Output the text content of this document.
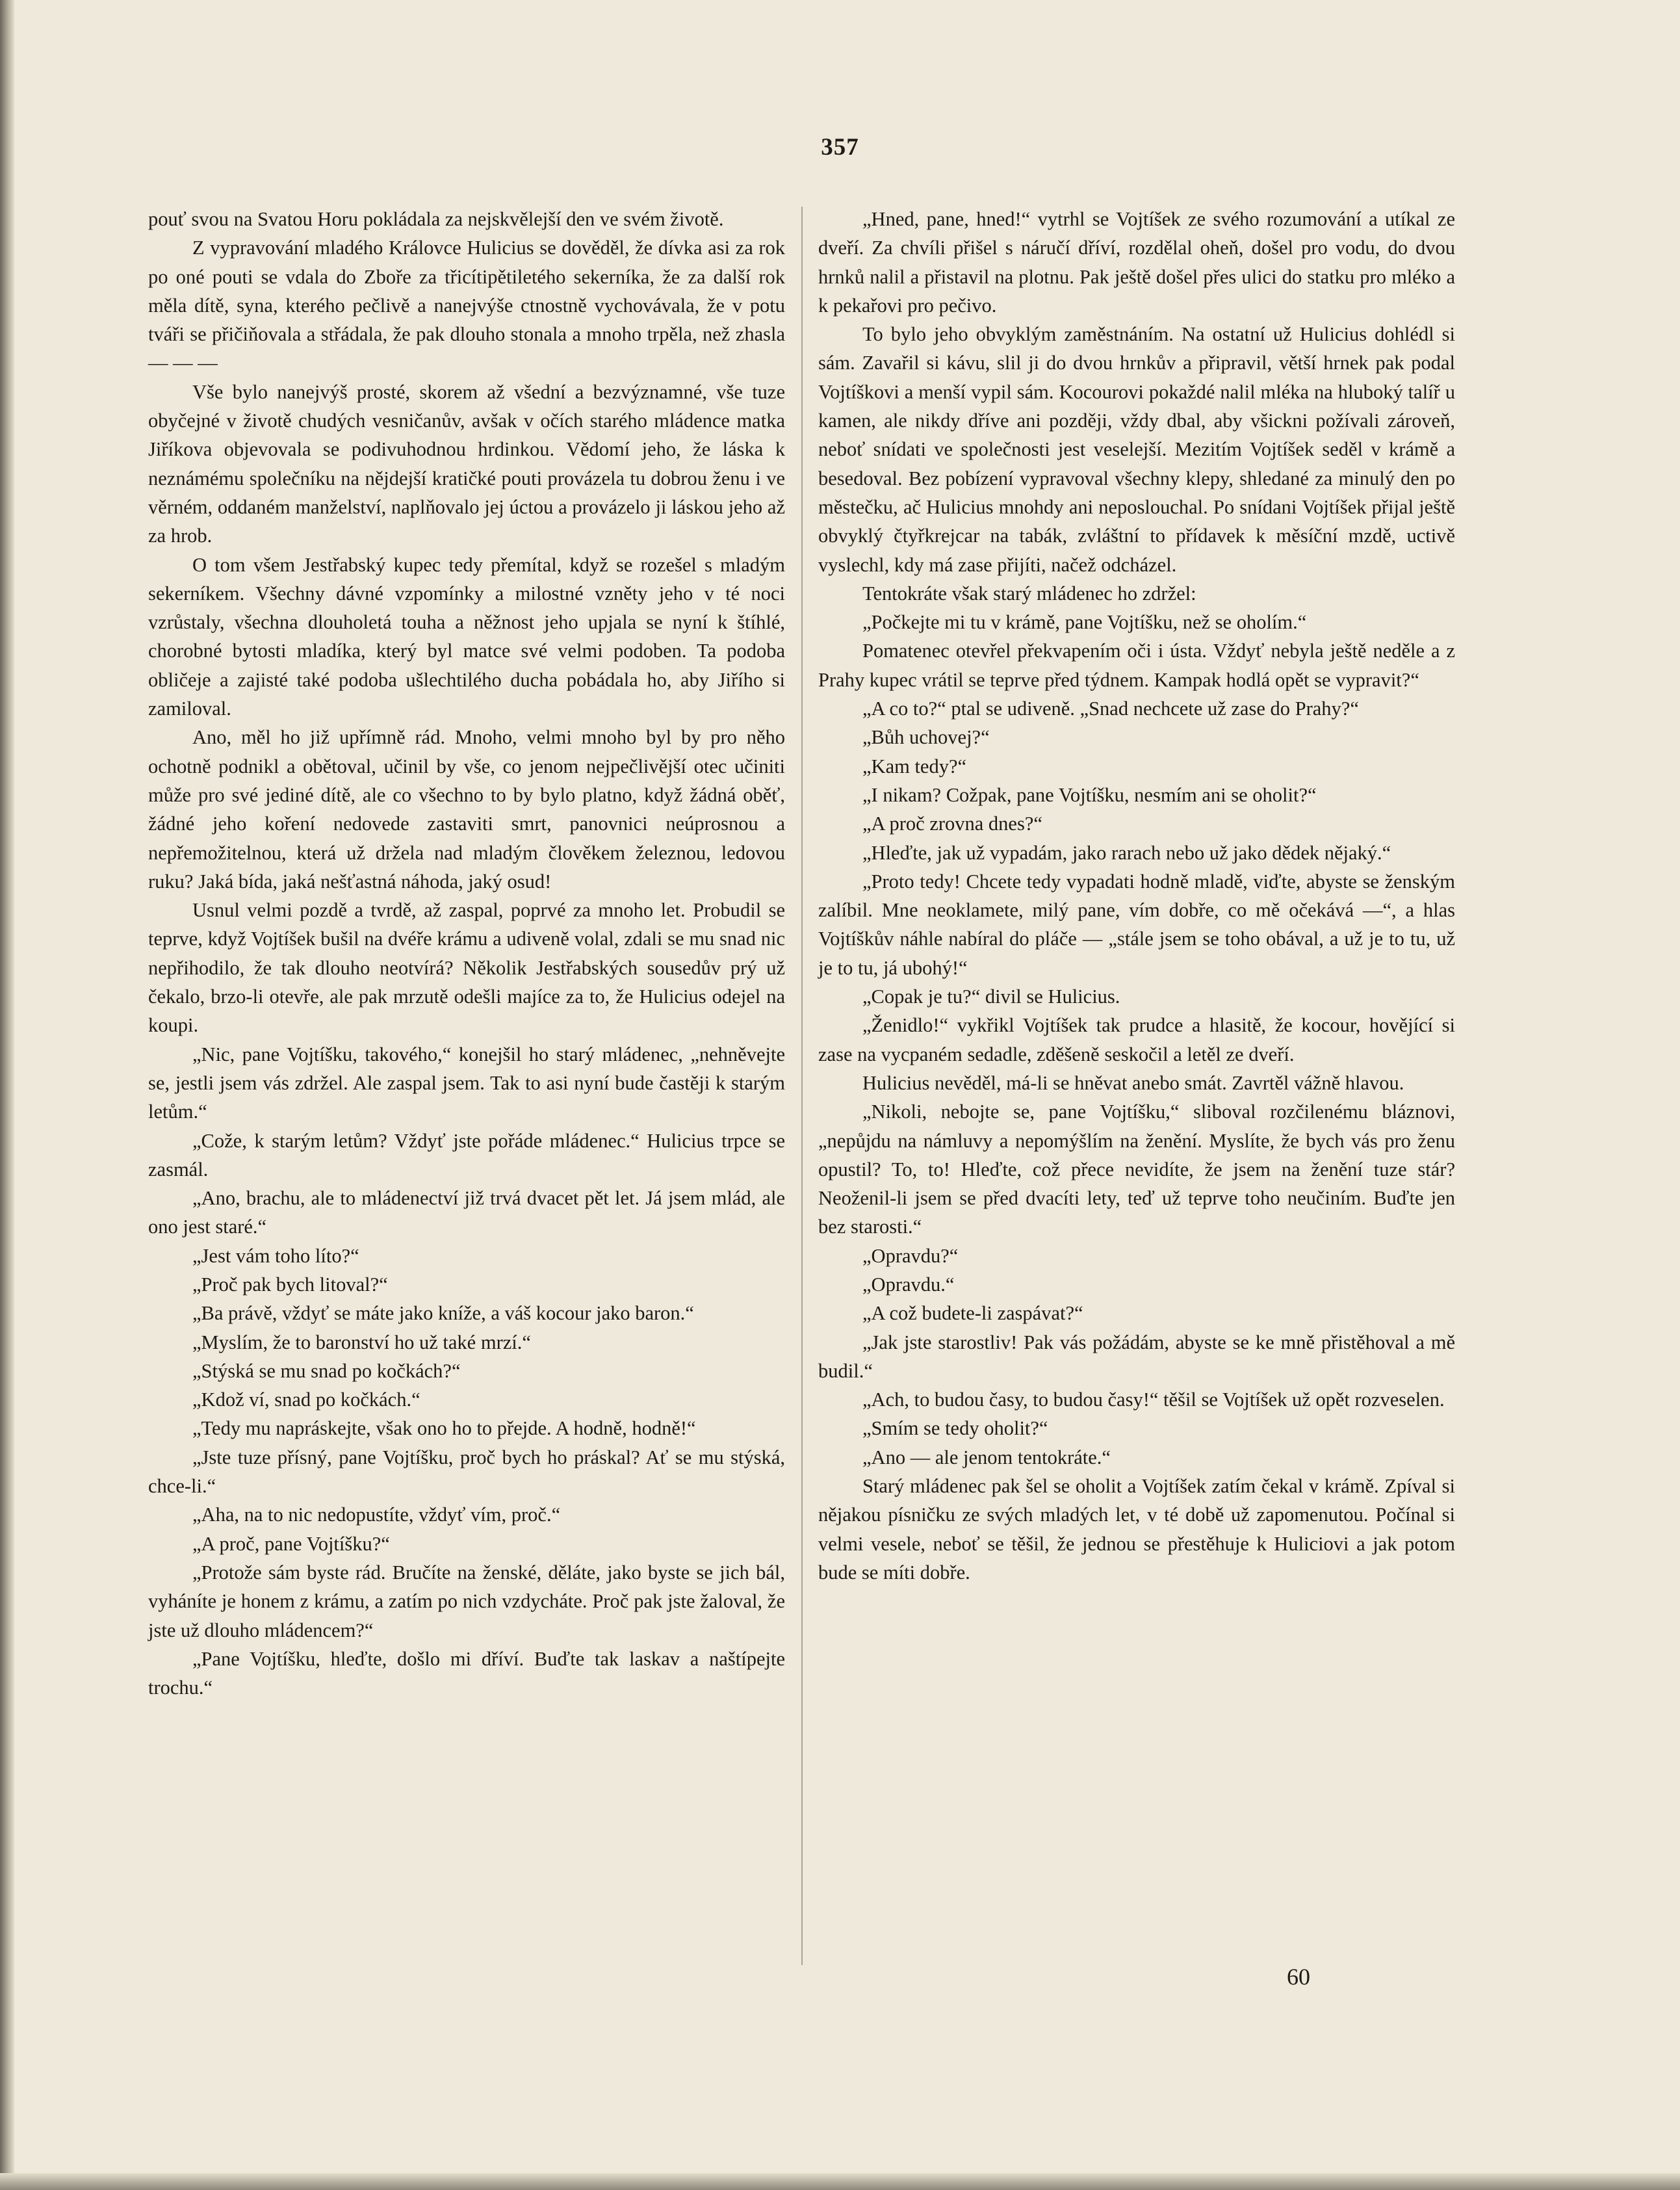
357

pouť svou na Svatou Horu pokládala za nejskvělejší den ve svém životě.

Z vypravování mladého Královce Hulicius se dověděl, že dívka asi za rok po oné pouti se vdala do Zboře za třicítipětiletého sekerníka, že za další rok měla dítě, syna, kterého pečlivě a nanejvýše ctnostně vychovávala, že v potu tváři se přičiňovala a střádala, že pak dlouho stonala a mnoho trpěla, než zhasla — — —

Vše bylo nanejvýš prosté, skorem až všední a bezvýznamné, vše tuze obyčejné v životě chudých vesničanův, avšak v očích starého mládence matka Jiříkova objevovala se podivuhodnou hrdinkou. Vědomí jeho, že láska k neznámému společníku na nějdejší kratičké pouti provázela tu dobrou ženu i ve věrném, oddaném manželství, naplňovalo jej úctou a provázelo ji láskou jeho až za hrob.

O tom všem Jestřabský kupec tedy přemítal, když se rozešel s mladým sekerníkem. Všechny dávné vzpomínky a milostné vzněty jeho v té noci vzrůstaly, všechna dlouholetá touha a něžnost jeho upjala se nyní k štíhlé, chorobné bytosti mladíka, který byl matce své velmi podoben. Ta podoba obličeje a zajisté také podoba ušlechtilého ducha pobádala ho, aby Jiřího si zamiloval.

Ano, měl ho již upřímně rád. Mnoho, velmi mnoho byl by pro něho ochotně podnikl a obětoval, učinil by vše, co jenom nejpečlivější otec učiniti může pro své jediné dítě, ale co všechno to by bylo platno, když žádná oběť, žádné jeho koření nedovede zastaviti smrt, panovnici neúprosnou a nepřemožitelnou, která už držela nad mladým člověkem železnou, ledovou ruku? Jaká bída, jaká nešťastná náhoda, jaký osud!

Usnul velmi pozdě a tvrdě, až zaspal, poprvé za mnoho let. Probudil se teprve, když Vojtíšek bušil na dvéře krámu a udiveně volal, zdali se mu snad nic nepřihodilo, že tak dlouho neotvírá? Několik Jestřabských sousedův prý už čekalo, brzo-li otevře, ale pak mrzutě odešli majíce za to, že Hulicius odejel na koupi.

„Nic, pane Vojtíšku, takového,“ konejšil ho starý mládenec, „nehněvejte se, jestli jsem vás zdržel. Ale zaspal jsem. Tak to asi nyní bude častěji k starým letům.“

„Cože, k starým letům? Vždyť jste pořáde mládenec.“ Hulicius trpce se zasmál.

„Ano, brachu, ale to mládenectví již trvá dvacet pět let. Já jsem mlád, ale ono jest staré.“

„Jest vám toho líto?“

„Proč pak bych litoval?“

„Ba právě, vždyť se máte jako kníže, a váš kocour jako baron.“

„Myslím, že to baronství ho už také mrzí.“

„Stýská se mu snad po kočkách?“

„Kdož ví, snad po kočkách.“

„Tedy mu napráskejte, však ono ho to přejde. A hodně, hodně!“

„Jste tuze přísný, pane Vojtíšku, proč bych ho práskal? Ať se mu stýská, chce-li.“

„Aha, na to nic nedopustíte, vždyť vím, proč.“

„A proč, pane Vojtíšku?“

„Protože sám byste rád. Bručíte na ženské, děláte, jako byste se jich bál, vyháníte je honem z krámu, a zatím po nich vzdycháte. Proč pak jste žaloval, že jste už dlouho mládencem?“

„Pane Vojtíšku, hleďte, došlo mi dříví. Buďte tak laskav a naštípejte trochu.“

„Hned, pane, hned!“ vytrhl se Vojtíšek ze svého rozumování a utíkal ze dveří. Za chvíli přišel s náručí dříví, rozdělal oheň, došel pro vodu, do dvou hrnků nalil a přistavil na plotnu. Pak ještě došel přes ulici do statku pro mléko a k pekařovi pro pečivo.

To bylo jeho obvyklým zaměstnáním. Na ostatní už Hulicius dohlédl si sám. Zavařil si kávu, slil ji do dvou hrnkův a připravil, větší hrnek pak podal Vojtíškovi a menší vypil sám. Kocourovi pokaždé nalil mléka na hluboký talíř u kamen, ale nikdy dříve ani později, vždy dbal, aby všickni požívali zároveň, neboť snídati ve společnosti jest veselejší. Mezitím Vojtíšek seděl v krámě a besedoval. Bez pobízení vypravoval všechny klepy, shledané za minulý den po městečku, ač Hulicius mnohdy ani neposlouchal. Po snídani Vojtíšek přijal ještě obvyklý čtyřkrejcar na tabák, zvláštní to přídavek k měsíční mzdě, uctivě vyslechl, kdy má zase přijíti, načež odcházel.

Tentokráte však starý mládenec ho zdržel:

„Počkejte mi tu v krámě, pane Vojtíšku, než se oholím.“

Pomatenec otevřel překvapením oči i ústa. Vždyť nebyla ještě neděle a z Prahy kupec vrátil se teprve před týdnem. Kampak hodlá opět se vypravit?“

„A co to?“ ptal se udiveně. „Snad nechcete už zase do Prahy?“

„Bůh uchovej?“

„Kam tedy?“

„I nikam? Cožpak, pane Vojtíšku, nesmím ani se oholit?“

„A proč zrovna dnes?“

„Hleďte, jak už vypadám, jako rarach nebo už jako dědek nějaký.“

„Proto tedy! Chcete tedy vypadati hodně mladě, viďte, abyste se ženským zalíbil. Mne neoklamete, milý pane, vím dobře, co mě očekává —“, a hlas Vojtíškův náhle nabíral do pláče — „stále jsem se toho obával, a už je to tu, už je to tu, já ubohý!“

„Copak je tu?“ divil se Hulicius.

„Ženidlo!“ vykřikl Vojtíšek tak prudce a hlasitě, že kocour, hovějící si zase na vycpaném sedadle, zděšeně seskočil a letěl ze dveří.

Hulicius nevěděl, má-li se hněvat anebo smát. Zavrtěl vážně hlavou.

„Nikoli, nebojte se, pane Vojtíšku,“ sliboval rozčilenému bláznovi, „nepůjdu na námluvy a nepomýšlím na ženění. Myslíte, že bych vás pro ženu opustil? To, to! Hleďte, což přece nevidíte, že jsem na ženění tuze stár? Neoženil-li jsem se před dvacíti lety, teď už teprve toho neučiním. Buďte jen bez starosti.“

„Opravdu?“

„Opravdu.“

„A což budete-li zaspávat?“

„Jak jste starostliv! Pak vás požádám, abyste se ke mně přistěhoval a mě budil.“

„Ach, to budou časy, to budou časy!“ těšil se Vojtíšek už opět rozveselen.

„Smím se tedy oholit?“

„Ano — ale jenom tentokráte.“

Starý mládenec pak šel se oholit a Vojtíšek zatím čekal v krámě. Zpíval si nějakou písničku ze svých mladých let, v té době už zapomenutou. Počínal si velmi vesele, neboť se těšil, že jednou se přestěhuje k Huliciovi a jak potom bude se míti dobře.

60
